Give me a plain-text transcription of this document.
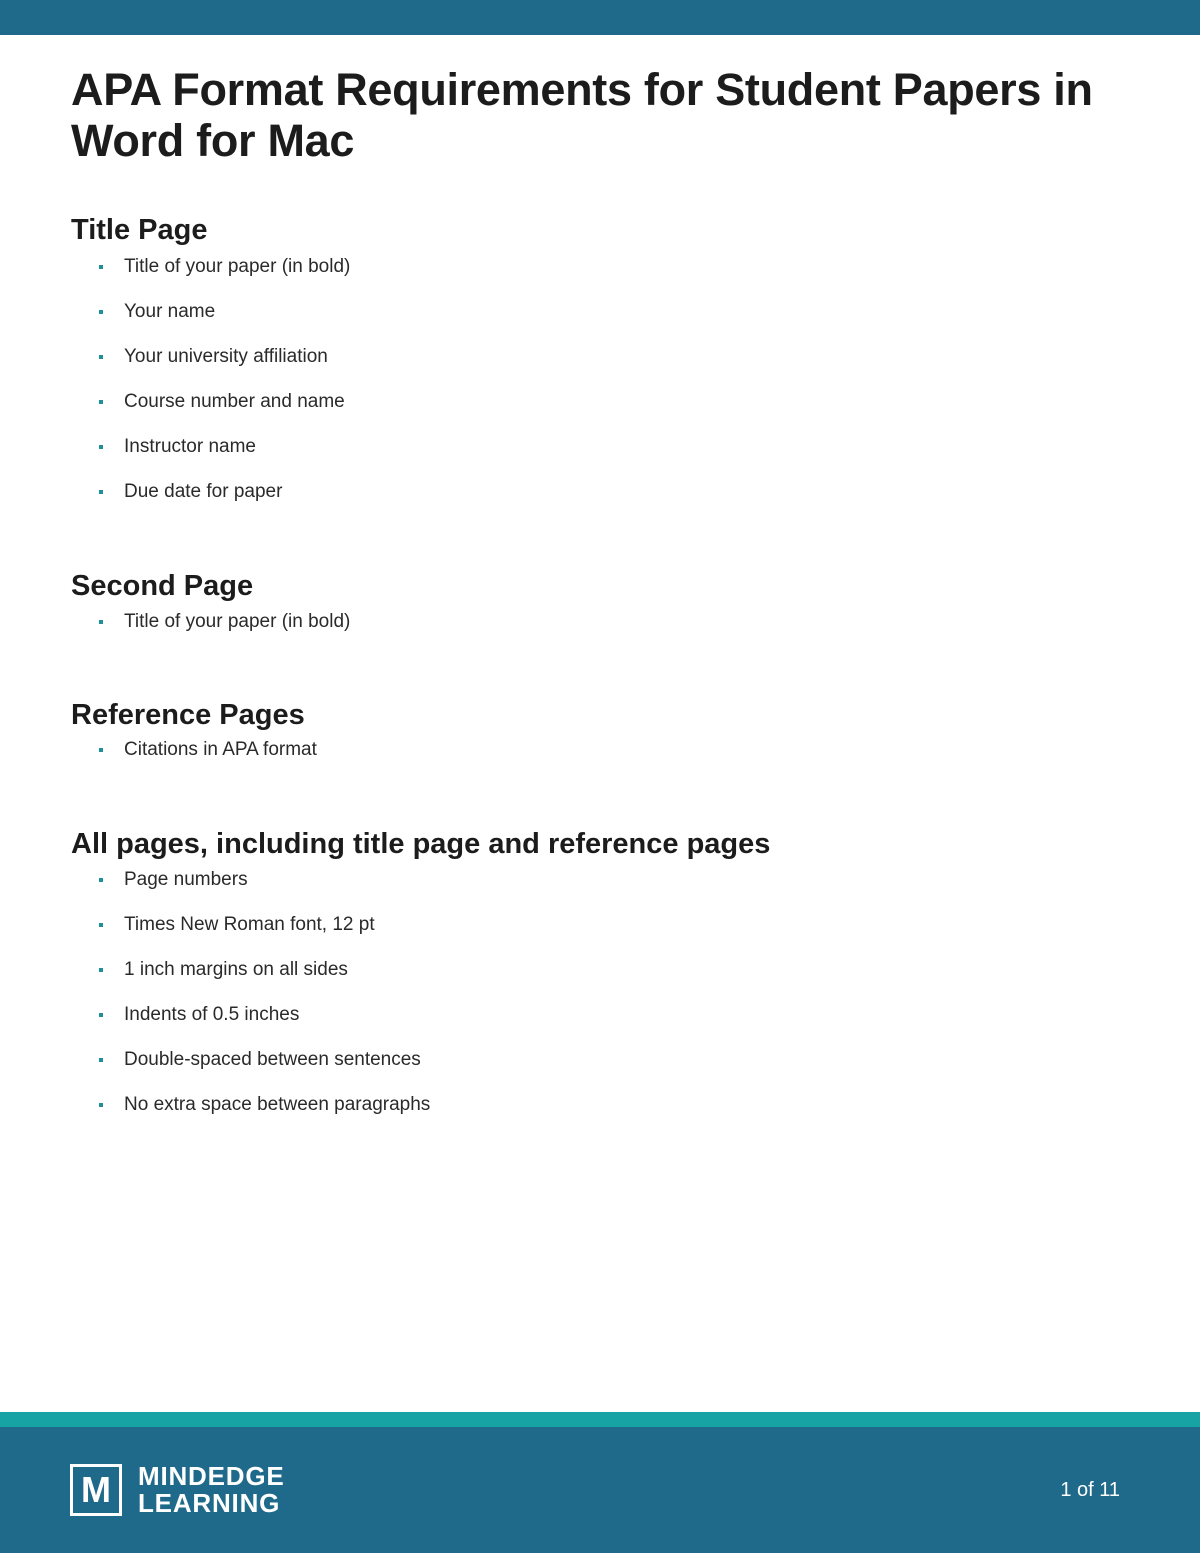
APA Format Requirements for Student Papers in Word for Mac
Title Page
Title of your paper (in bold)
Your name
Your university affiliation
Course number and name
Instructor name
Due date for paper
Second Page
Title of your paper (in bold)
Reference Pages
Citations in APA format
All pages, including title page and reference pages
Page numbers
Times New Roman font, 12 pt
1 inch margins on all sides
Indents of 0.5 inches
Double-spaced between sentences
No extra space between paragraphs
M	MINDEDGE
LEARNING	1 of 11
